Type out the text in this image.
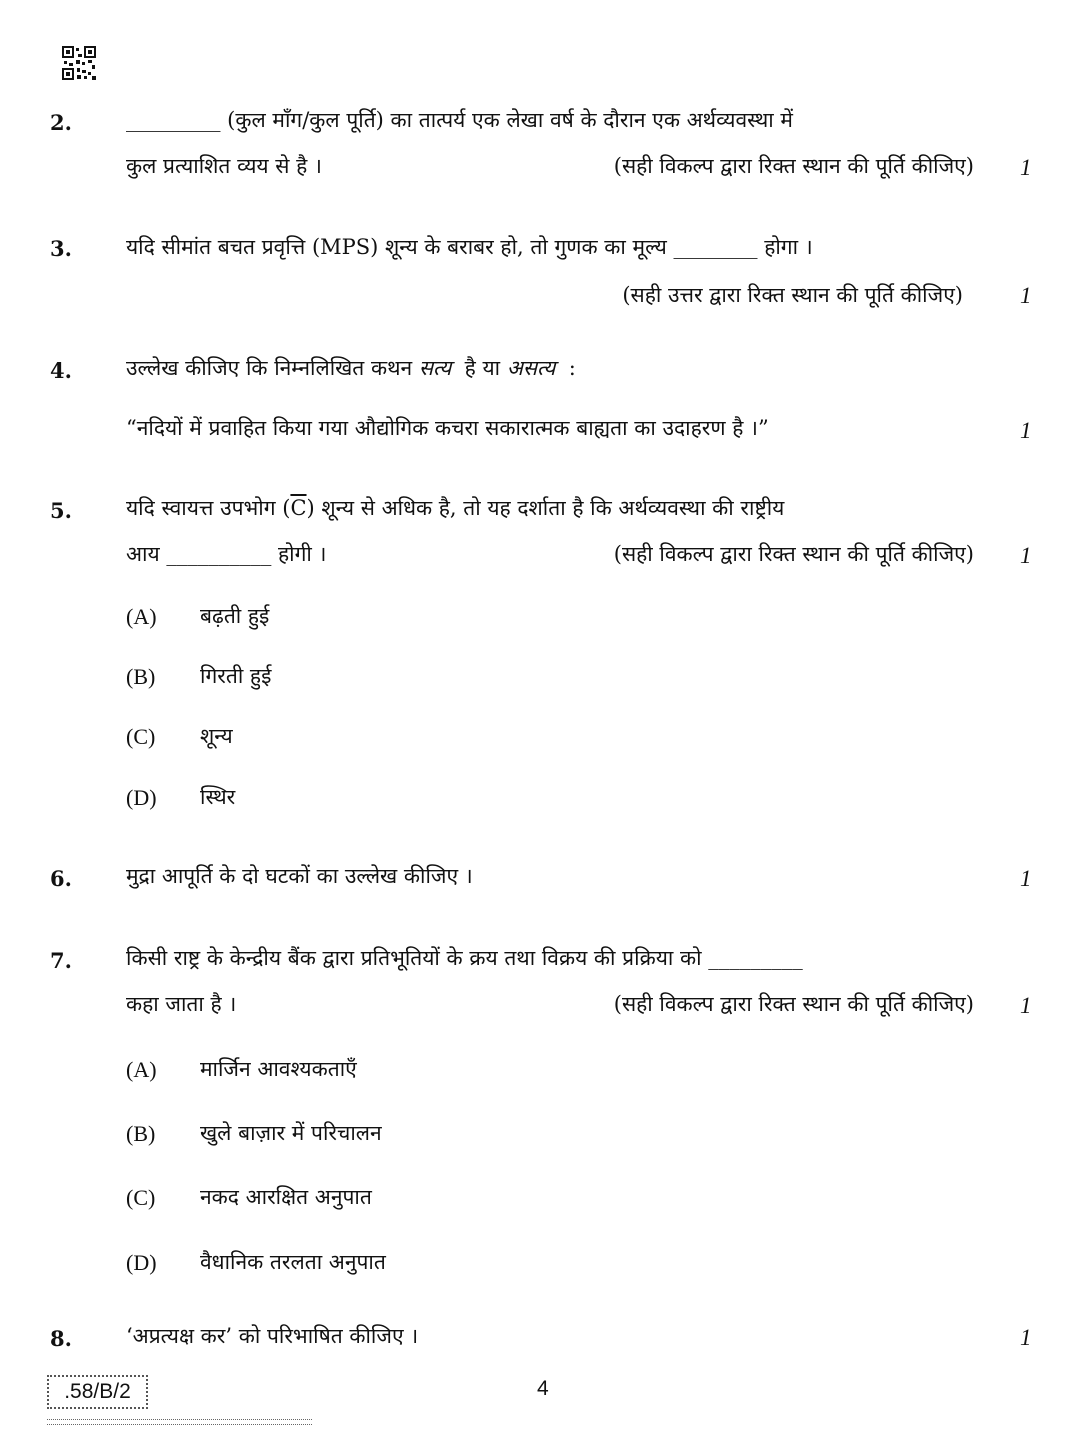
2.	_________ (कुल माँग/कुल पूर्ति) का तात्पर्य एक लेखा वर्ष के दौरान एक अर्थव्यवस्था में
कुल प्रत्याशित व्यय से है ।	(सही विकल्प द्वारा रिक्त स्थान की पूर्ति कीजिए) 1
3.	यदि सीमांत बचत प्रवृत्ति (MPS) शून्य के बराबर हो, तो गुणक का मूल्य ________ होगा ।
(सही उत्तर द्वारा रिक्त स्थान की पूर्ति कीजिए) 1
4.	उल्लेख कीजिए कि निम्नलिखित कथन सत्य है या असत्य :
“नदियों में प्रवाहित किया गया औद्योगिक कचरा सकारात्मक बाह्यता का उदाहरण है ।”	1
5.	यदि स्वायत्त उपभोग $(\overline{C})$ शून्य से अधिक है, तो यह दर्शाता है कि अर्थव्यवस्था की राष्ट्रीय
आय __________ होगी ।	(सही विकल्प द्वारा रिक्त स्थान की पूर्ति कीजिए) 1
(A) बढ़ती हुई
(B) गिरती हुई
(C) शून्य
(D) स्थिर
6.	मुद्रा आपूर्ति के दो घटकों का उल्लेख कीजिए ।	1
7.	किसी राष्ट्र के केन्द्रीय बैंक द्वारा प्रतिभूतियों के क्रय तथा विक्रय की प्रक्रिया को _________
कहा जाता है ।	(सही विकल्प द्वारा रिक्त स्थान की पूर्ति कीजिए) 1
(A) मार्जिन आवश्यकताएँ
(B) खुले बाज़ार में परिचालन
(C) नकद आरक्षित अनुपात
(D) वैधानिक तरलता अनुपात
8.	‘अप्रत्यक्ष कर’ को परिभाषित कीजिए ।	1
.58/B/2	4
